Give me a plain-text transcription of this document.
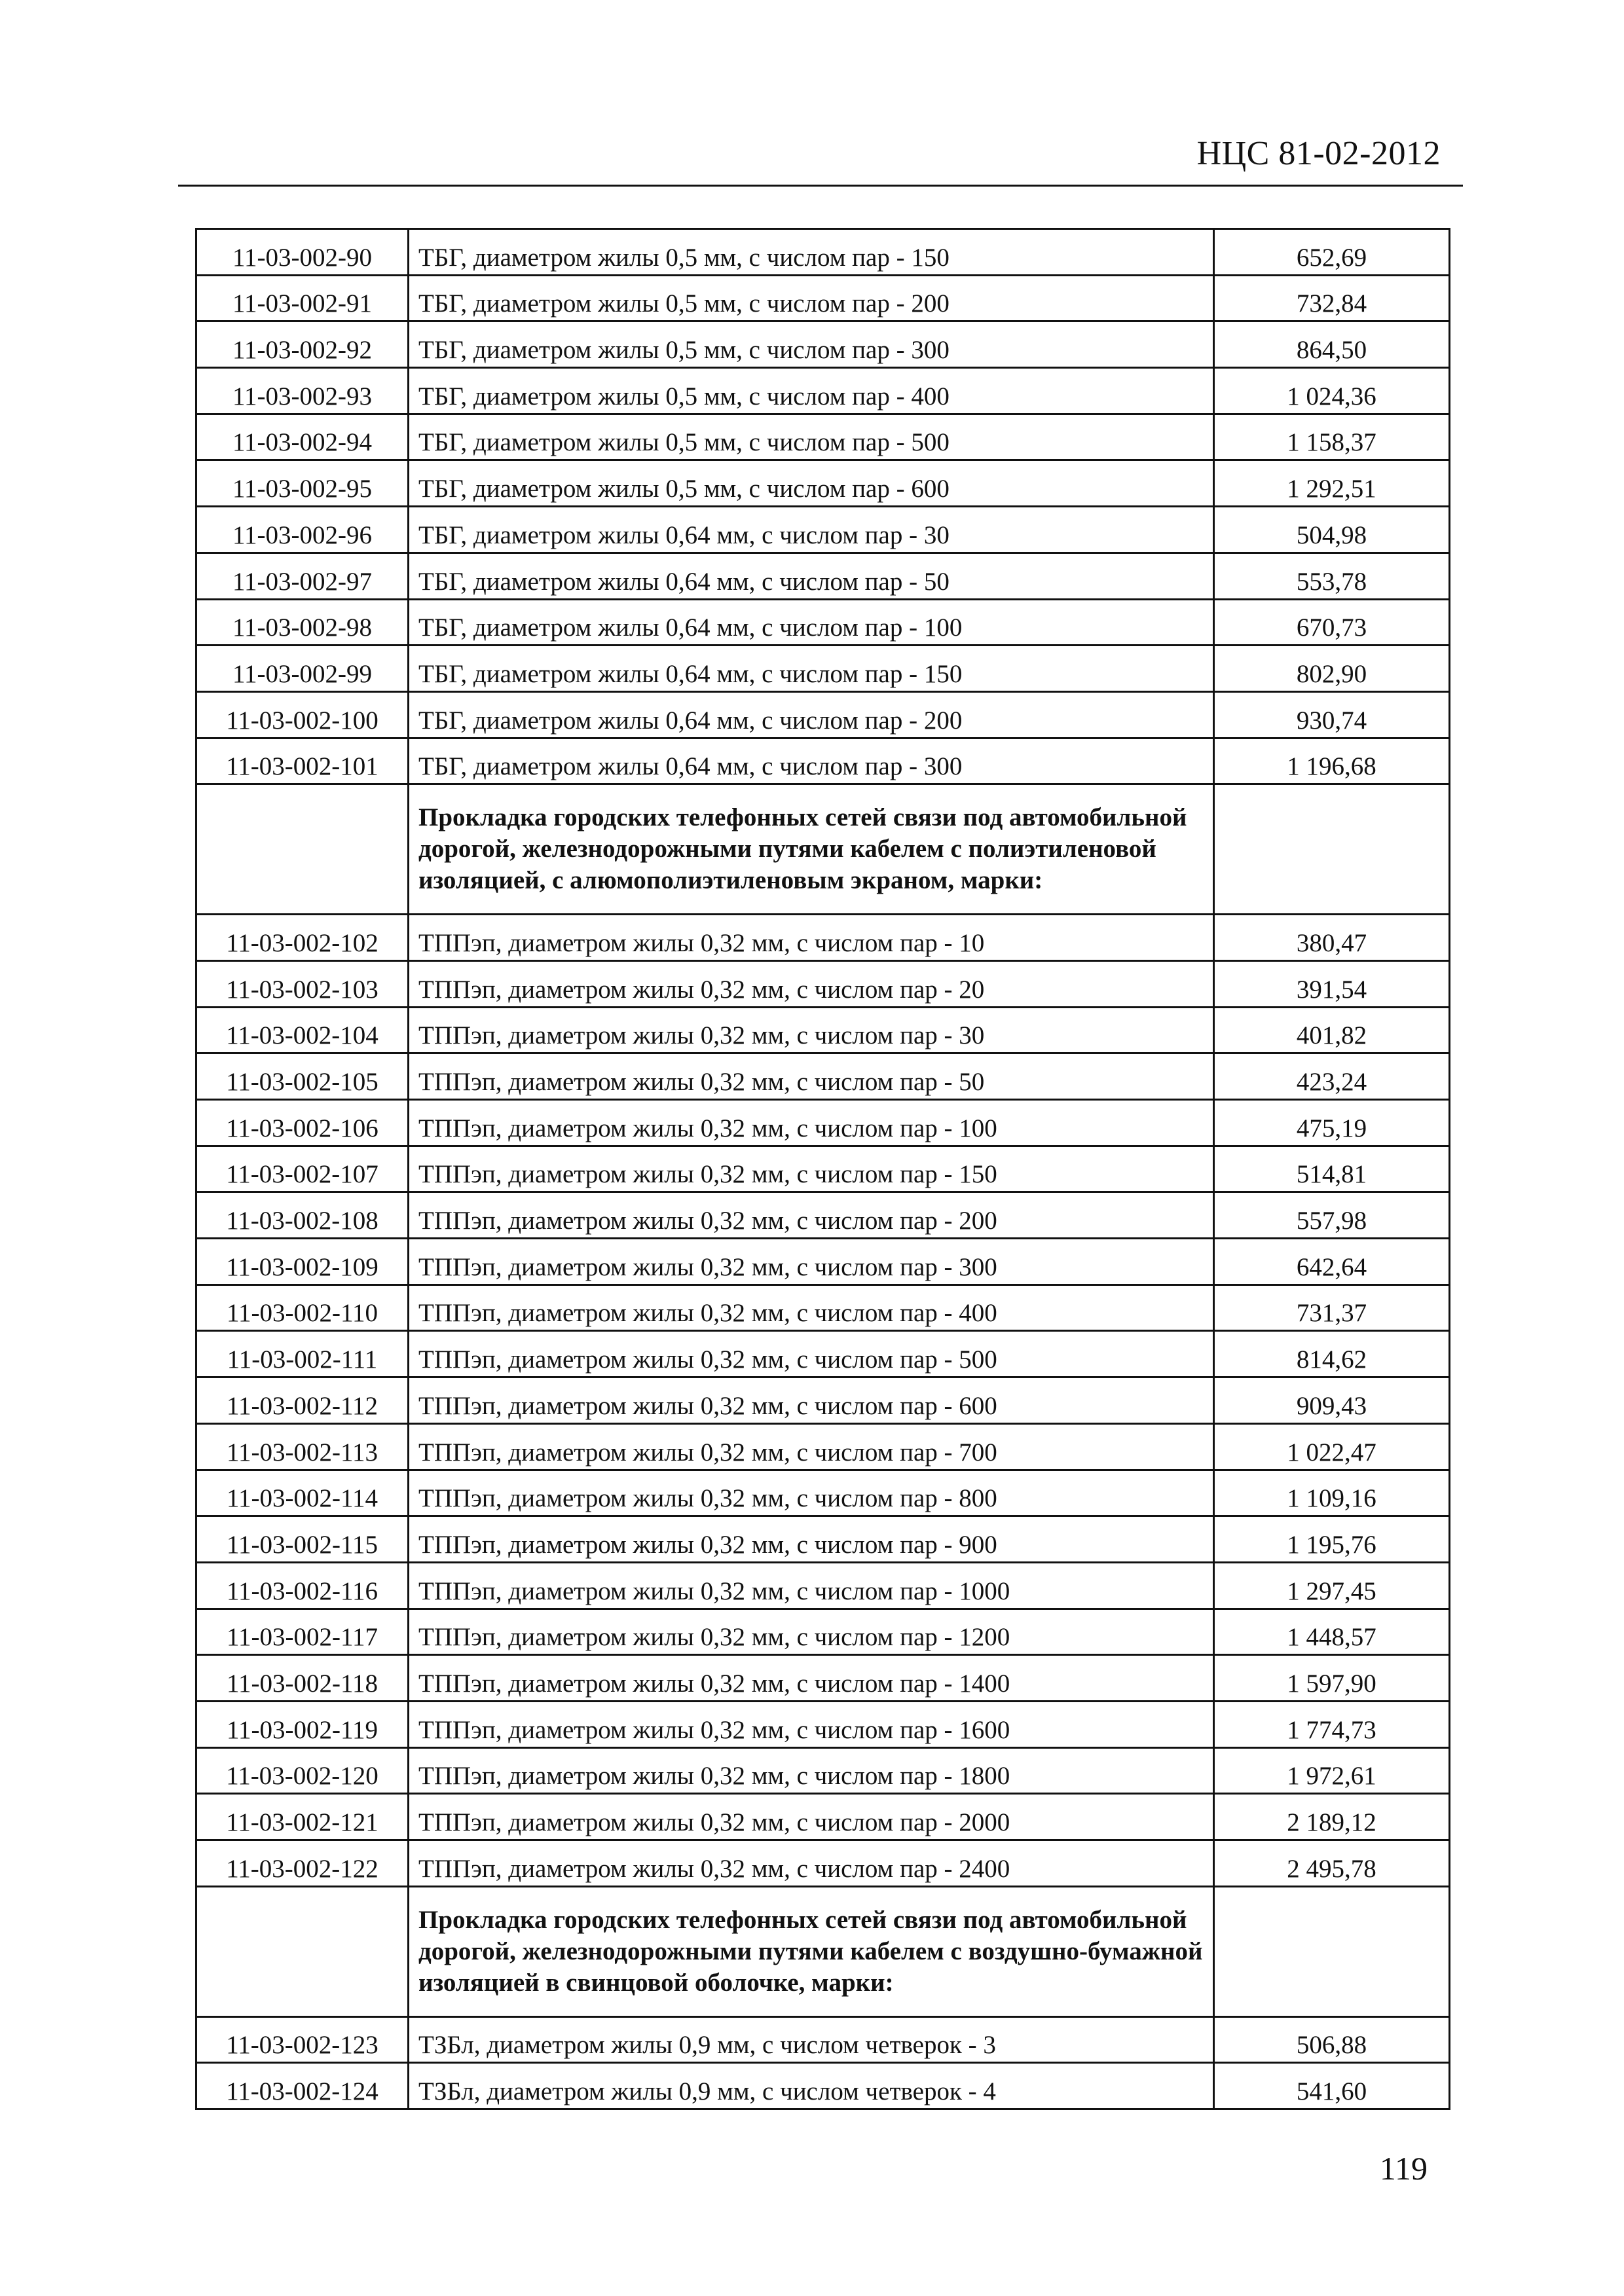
НЦС 81-02-2012
11-03-002-90	ТБГ, диаметром жилы 0,5 мм, с числом пар - 150	652,69
11-03-002-91	ТБГ, диаметром жилы 0,5 мм, с числом пар - 200	732,84
11-03-002-92	ТБГ, диаметром жилы 0,5 мм, с числом пар - 300	864,50
11-03-002-93	ТБГ, диаметром жилы 0,5 мм, с числом пар - 400	1 024,36
11-03-002-94	ТБГ, диаметром жилы 0,5 мм, с числом пар - 500	1 158,37
11-03-002-95	ТБГ, диаметром жилы 0,5 мм, с числом пар - 600	1 292,51
11-03-002-96	ТБГ, диаметром жилы 0,64 мм, с числом пар - 30	504,98
11-03-002-97	ТБГ, диаметром жилы 0,64 мм, с числом пар - 50	553,78
11-03-002-98	ТБГ, диаметром жилы 0,64 мм, с числом пар - 100	670,73
11-03-002-99	ТБГ, диаметром жилы 0,64 мм, с числом пар - 150	802,90
11-03-002-100	ТБГ, диаметром жилы 0,64 мм, с числом пар - 200	930,74
11-03-002-101	ТБГ, диаметром жилы 0,64 мм, с числом пар - 300	1 196,68
	Прокладка городских телефонных сетей связи под автомобильной дорогой, железнодорожными путями кабелем с полиэтиленовой изоляцией, с алюмополиэтиленовым экраном, марки:	
11-03-002-102	ТППэп, диаметром жилы 0,32 мм, с числом пар - 10	380,47
11-03-002-103	ТППэп, диаметром жилы 0,32 мм, с числом пар - 20	391,54
11-03-002-104	ТППэп, диаметром жилы 0,32 мм, с числом пар - 30	401,82
11-03-002-105	ТППэп, диаметром жилы 0,32 мм, с числом пар - 50	423,24
11-03-002-106	ТППэп, диаметром жилы 0,32 мм, с числом пар - 100	475,19
11-03-002-107	ТППэп, диаметром жилы 0,32 мм, с числом пар - 150	514,81
11-03-002-108	ТППэп, диаметром жилы 0,32 мм, с числом пар - 200	557,98
11-03-002-109	ТППэп, диаметром жилы 0,32 мм, с числом пар - 300	642,64
11-03-002-110	ТППэп, диаметром жилы 0,32 мм, с числом пар - 400	731,37
11-03-002-111	ТППэп, диаметром жилы 0,32 мм, с числом пар - 500	814,62
11-03-002-112	ТППэп, диаметром жилы 0,32 мм, с числом пар - 600	909,43
11-03-002-113	ТППэп, диаметром жилы 0,32 мм, с числом пар - 700	1 022,47
11-03-002-114	ТППэп, диаметром жилы 0,32 мм, с числом пар - 800	1 109,16
11-03-002-115	ТППэп, диаметром жилы 0,32 мм, с числом пар - 900	1 195,76
11-03-002-116	ТППэп, диаметром жилы 0,32 мм, с числом пар - 1000	1 297,45
11-03-002-117	ТППэп, диаметром жилы 0,32 мм, с числом пар - 1200	1 448,57
11-03-002-118	ТППэп, диаметром жилы 0,32 мм, с числом пар - 1400	1 597,90
11-03-002-119	ТППэп, диаметром жилы 0,32 мм, с числом пар - 1600	1 774,73
11-03-002-120	ТППэп, диаметром жилы 0,32 мм, с числом пар - 1800	1 972,61
11-03-002-121	ТППэп, диаметром жилы 0,32 мм, с числом пар - 2000	2 189,12
11-03-002-122	ТППэп, диаметром жилы 0,32 мм, с числом пар - 2400	2 495,78
	Прокладка городских телефонных сетей связи под автомобильной дорогой, железнодорожными путями кабелем с воздушно-бумажной изоляцией в свинцовой оболочке, марки:	
11-03-002-123	ТЗБл, диаметром жилы 0,9 мм, с числом четверок - 3	506,88
11-03-002-124	ТЗБл, диаметром жилы 0,9 мм, с числом четверок - 4	541,60
119
